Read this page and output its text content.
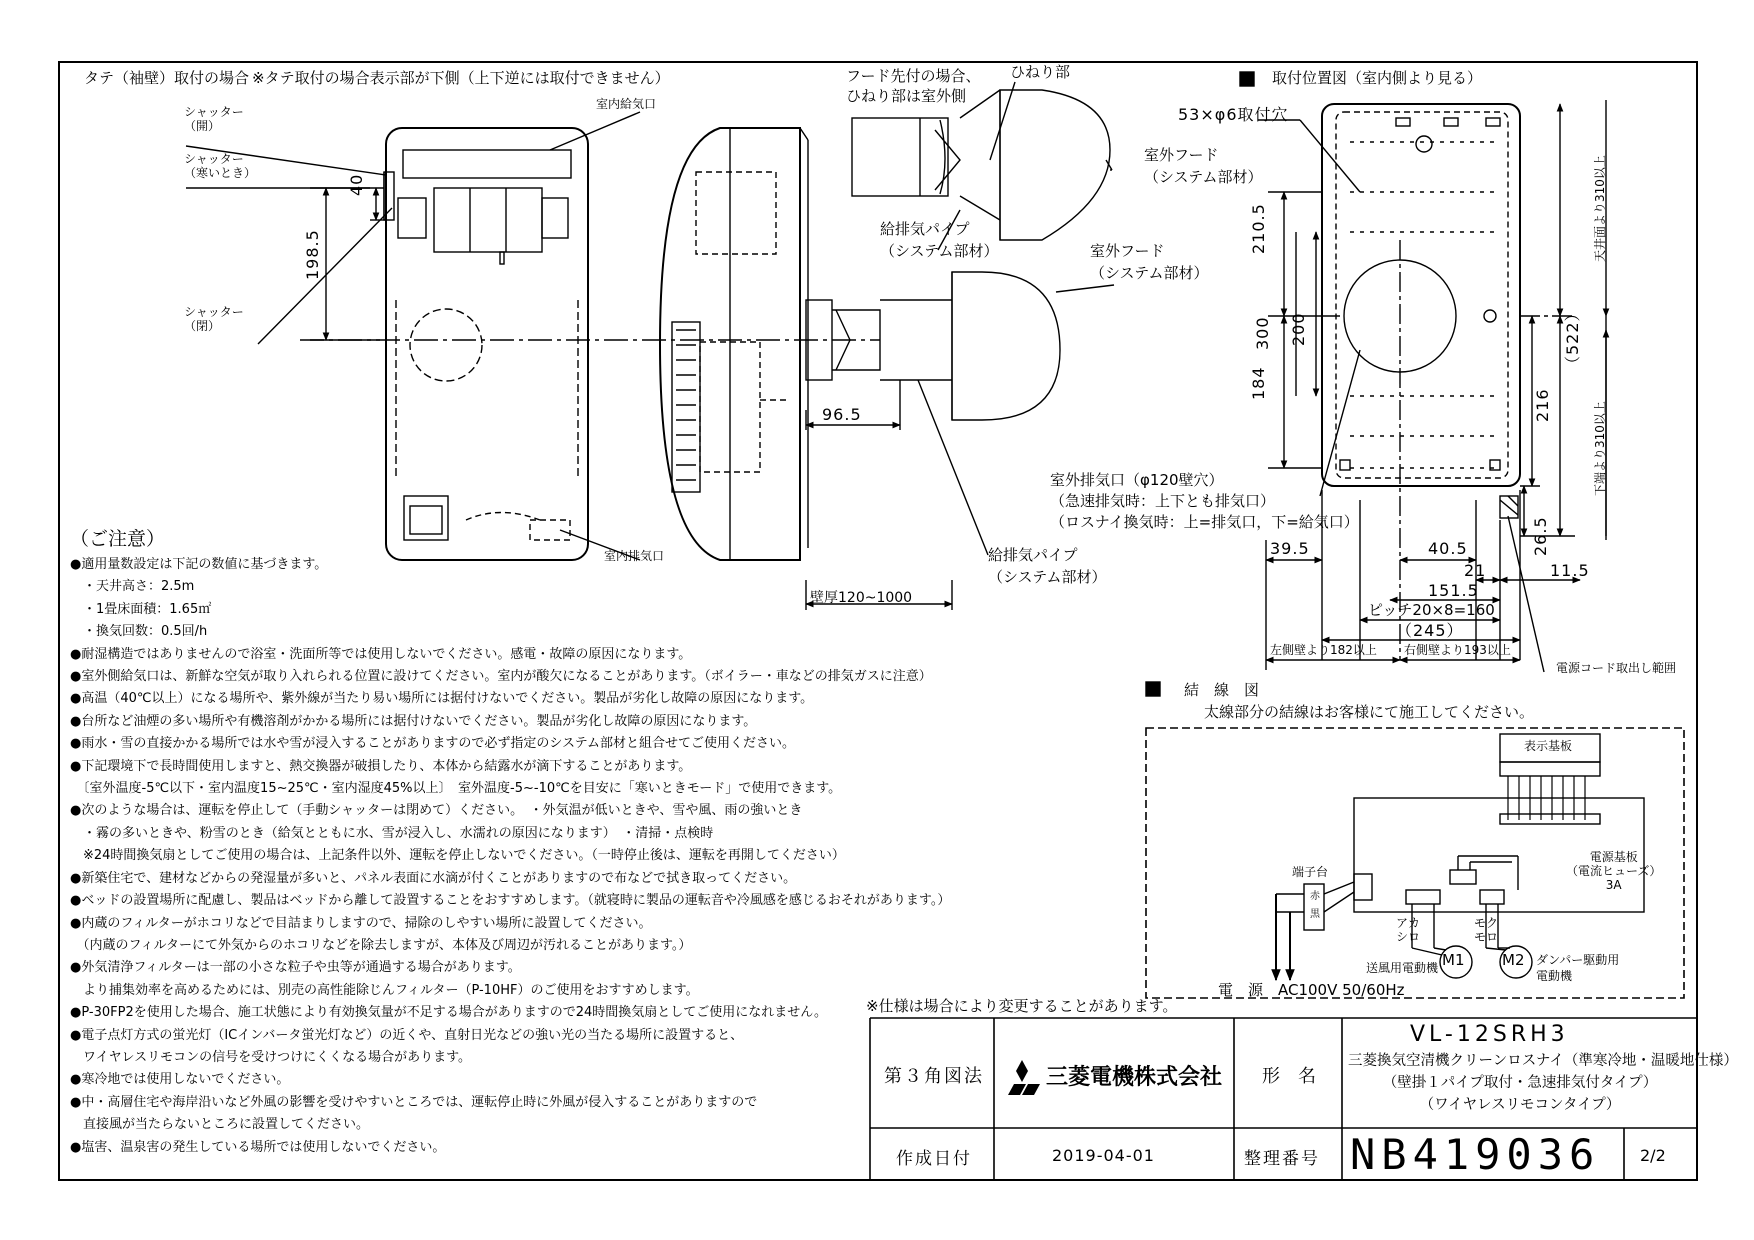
タテ（袖壁）取付の場合 ※タテ取付の場合表示部が下側（上下逆には取付できません）
シャッター
（開）
シャッター
（寒いとき）
シャッター
（閉）
室内給気口
室内排気口
40
198.5
フード先付の場合、
ひねり部は室外側
ひねり部
室外フード
（システム部材）
給排気パイプ
（システム部材）	室外フード
（システム部材）
給排気パイプ
（システム部材）
96.5
壁厚120~1000
取付位置図（室内側より見る）
53×φ6取付穴
室外排気口（φ120壁穴）
（急速排気時：上下とも排気口）
（ロスナイ換気時：上=排気口，下=給気口）
210.5
300 200
184
（522）
216
26.5
天井面より310以上
下端より310以上
39.5	40.5
21	11.5
151.5
ピッチ20×8=160
（245）
左側壁より182以上 右側壁より193以上
電源コード取出し範囲
結　線　図
太線部分の結線はお客様にて施工してください。
表示基板
電源基板
（電流ヒューズ）
3A
端子台
赤
黒
アカ
シロ
モク
モロ
M1	M2
送風用電動機
ダンパー駆動用
電動機
電　源　AC100V 50/60Hz
（ご注意）
●適用量数設定は下記の数値に基づきます。
　・天井高さ：2.5m
　・1畳床面積：1.65㎡
　・換気回数：0.5回/h
●耐湿構造ではありませんので浴室・洗面所等では使用しないでください。感電・故障の原因になります。
●室外側給気口は、新鮮な空気が取り入れられる位置に設けてください。室内が酸欠になることがあります。（ボイラー・車などの排気ガスに注意）
●高温（40℃以上）になる場所や、紫外線が当たり易い場所には据付けないでください。製品が劣化し故障の原因になります。
●台所など油煙の多い場所や有機溶剤がかかる場所には据付けないでください。製品が劣化し故障の原因になります。
●雨水・雪の直接かかる場所では水や雪が浸入することがありますので必ず指定のシステム部材と組合せてご使用ください。
●下記環境下で長時間使用しますと、熱交換器が破損したり、本体から結露水が滴下することがあります。
　〔室外温度-5℃以下・室内温度15~25℃・室内湿度45%以上〕　室外温度-5~-10℃を目安に「寒いときモード」で使用できます。
●次のような場合は、運転を停止して（手動シャッターは閉めて）ください。　・外気温が低いときや、雪や風、雨の強いとき
　・霧の多いときや、粉雪のとき（給気とともに水、雪が浸入し、水濡れの原因になります）　・清掃・点検時
　※24時間換気扇としてご使用の場合は、上記条件以外、運転を停止しないでください。（一時停止後は、運転を再開してください）
●新築住宅で、建材などからの発湿量が多いと、パネル表面に水滴が付くことがありますので布などで拭き取ってください。
●ベッドの設置場所に配慮し、製品はベッドから離して設置することをおすすめします。（就寝時に製品の運転音や冷風感を感じるおそれがあります。）
●内蔵のフィルターがホコリなどで目詰まりしますので、掃除のしやすい場所に設置してください。
　（内蔵のフィルターにて外気からのホコリなどを除去しますが、本体及び周辺が汚れることがあります。）
●外気清浄フィルターは一部の小さな粒子や虫等が通過する場合があります。
　より捕集効率を高めるためには、別売の高性能除じんフィルター（P-10HF）のご使用をおすすめします。
●P-30FP2を使用した場合、施工状態により有効換気量が不足する場合がありますので24時間換気扇としてご使用になれません。
●電子点灯方式の蛍光灯（ICインバータ蛍光灯など）の近くや、直射日光などの強い光の当たる場所に設置すると、
　ワイヤレスリモコンの信号を受けつけにくくなる場合があります。
●寒冷地では使用しないでください。
●中・高層住宅や海岸沿いなど外風の影響を受けやすいところでは、運転停止時に外風が侵入することがありますので
　直接風が当たらないところに設置してください。
●塩害、温泉害の発生している場所では使用しないでください。
※仕様は場合により変更することがあります。
第３角図法	三菱電機株式会社 形　名
VL-12SRH3
三菱換気空清機クリーンロスナイ（準寒冷地・温暖地仕様）
（壁掛１パイプ取付・急速排気付タイプ）
（ワイヤレスリモコンタイプ）
作成日付	2019-04-01	整理番号 NB419036 2/2
